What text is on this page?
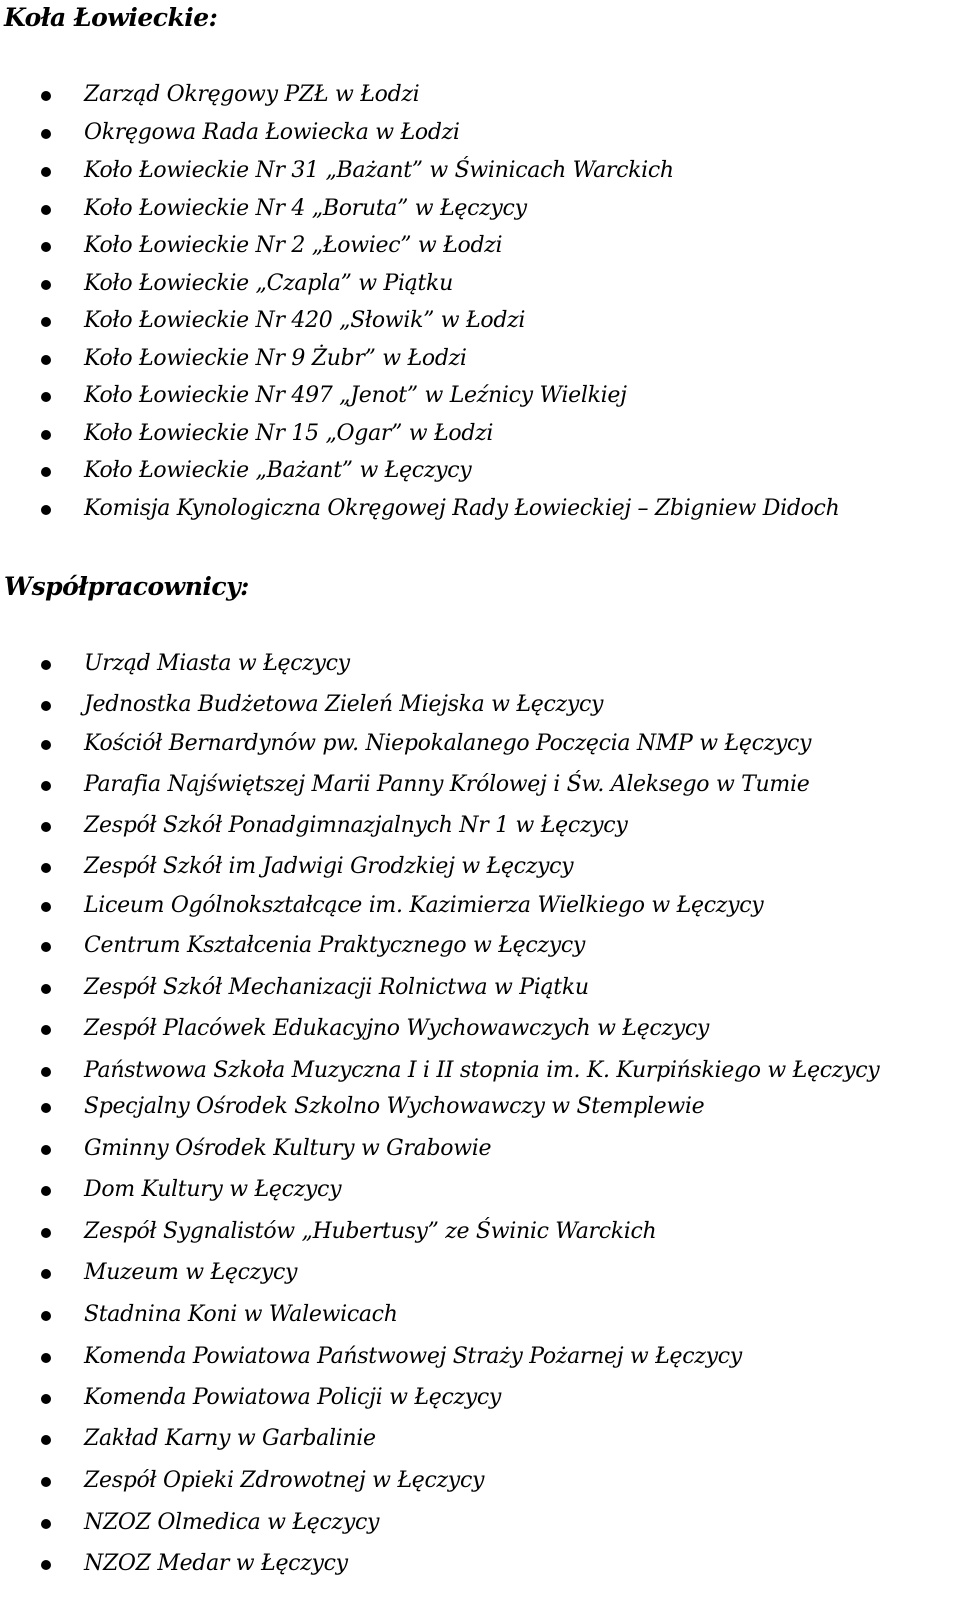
Koła Łowieckie:
Zarząd Okręgowy PZŁ w Łodzi
Okręgowa Rada Łowiecka w Łodzi
Koło Łowieckie Nr 31 „Bażant” w Świnicach Warckich
Koło Łowieckie Nr 4 „Boruta” w Łęczycy
Koło Łowieckie Nr 2 „Łowiec” w Łodzi
Koło Łowieckie „Czapla” w Piątku
Koło Łowieckie Nr 420 „Słowik” w Łodzi
Koło Łowieckie Nr 9 Żubr” w Łodzi
Koło Łowieckie Nr 497 „Jenot” w Leźnicy Wielkiej
Koło Łowieckie Nr 15 „Ogar” w Łodzi
Koło Łowieckie „Bażant” w Łęczycy
Komisja Kynologiczna Okręgowej Rady Łowieckiej – Zbigniew Didoch
Współpracownicy:
Urząd Miasta w Łęczycy
Jednostka Budżetowa Zieleń Miejska w Łęczycy
Kościół Bernardynów pw. Niepokalanego Poczęcia NMP w Łęczycy
Parafia Najświętszej Marii Panny Królowej i Św. Aleksego w Tumie
Zespół Szkół Ponadgimnazjalnych Nr 1 w Łęczycy
Zespół Szkół im Jadwigi Grodzkiej w Łęczycy
Liceum Ogólnokształcące im. Kazimierza Wielkiego w Łęczycy
Centrum Kształcenia Praktycznego w Łęczycy
Zespół Szkół Mechanizacji Rolnictwa w Piątku
Zespół Placówek Edukacyjno Wychowawczych w Łęczycy
Państwowa Szkoła Muzyczna I i II stopnia im. K. Kurpińskiego w Łęczycy
Specjalny Ośrodek Szkolno Wychowawczy w Stemplewie
Gminny Ośrodek Kultury w Grabowie
Dom Kultury w Łęczycy
Zespół Sygnalistów „Hubertusy” ze Świnic Warckich
Muzeum w Łęczycy
Stadnina Koni w Walewicach
Komenda Powiatowa Państwowej Straży Pożarnej w Łęczycy
Komenda Powiatowa Policji w Łęczycy
Zakład Karny w Garbalinie
Zespół Opieki Zdrowotnej w Łęczycy
NZOZ Olmedica w Łęczycy
NZOZ Medar w Łęczycy
